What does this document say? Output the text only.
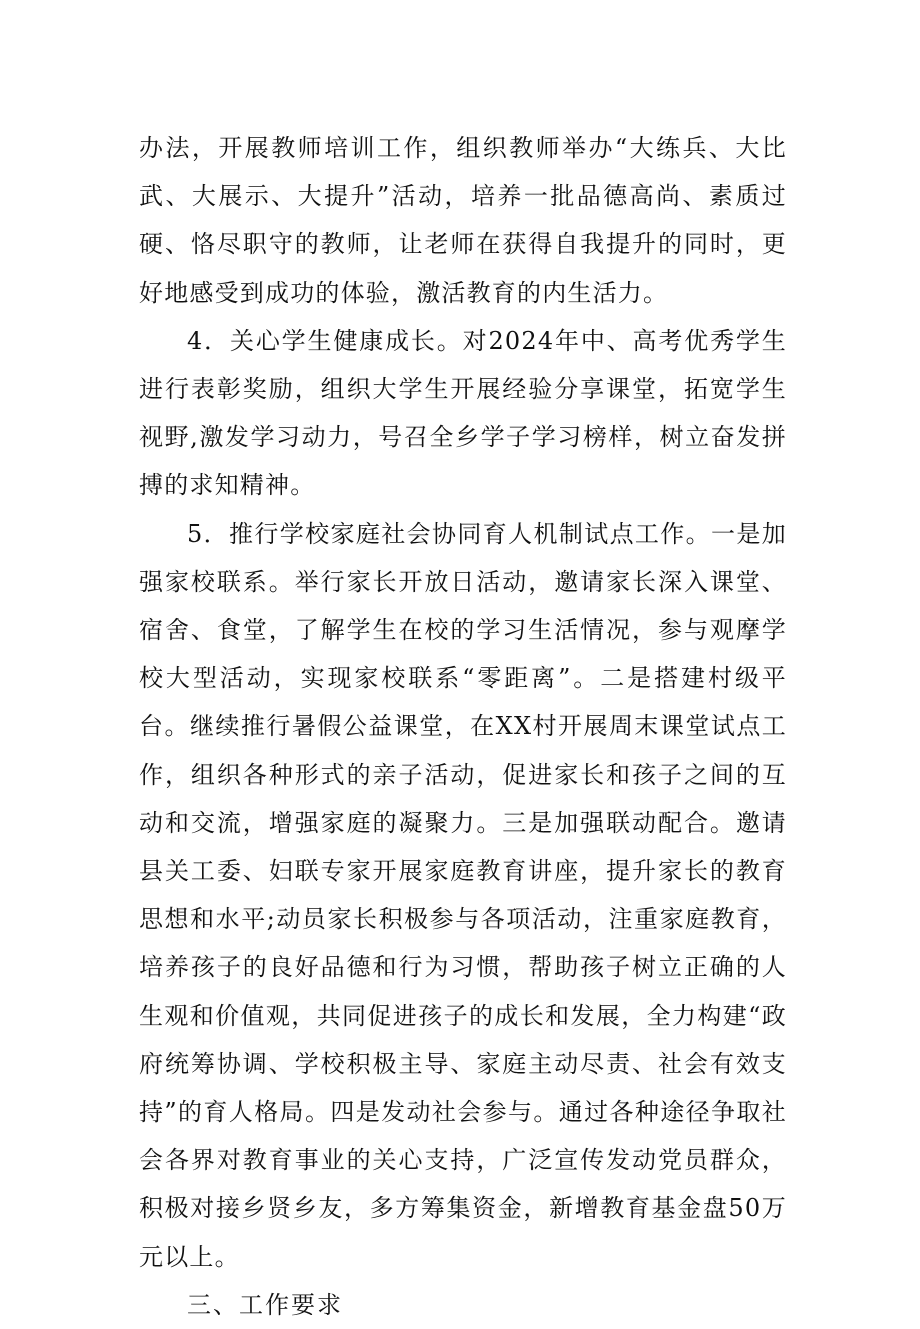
办法，开展教师培训工作，组织教师举办“大练兵、大比武、大展示、大提升”活动，培养一批品德高尚、素质过硬、恪尽职守的教师，让老师在获得自我提升的同时，更好地感受到成功的体验，激活教育的内生活力。

4．关心学生健康成长。对2024年中、高考优秀学生进行表彰奖励，组织大学生开展经验分享课堂，拓宽学生视野,激发学习动力，号召全乡学子学习榜样，树立奋发拼搏的求知精神。

5．推行学校家庭社会协同育人机制试点工作。一是加强家校联系。举行家长开放日活动，邀请家长深入课堂、宿舍、食堂，了解学生在校的学习生活情况，参与观摩学校大型活动，实现家校联系“零距离”。二是搭建村级平台。继续推行暑假公益课堂，在XX村开展周末课堂试点工作，组织各种形式的亲子活动，促进家长和孩子之间的互动和交流，增强家庭的凝聚力。三是加强联动配合。邀请县关工委、妇联专家开展家庭教育讲座，提升家长的教育思想和水平;动员家长积极参与各项活动，注重家庭教育，培养孩子的良好品德和行为习惯，帮助孩子树立正确的人生观和价值观，共同促进孩子的成长和发展，全力构建“政府统筹协调、学校积极主导、家庭主动尽责、社会有效支持”的育人格局。四是发动社会参与。通过各种途径争取社会各界对教育事业的关心支持，广泛宣传发动党员群众，积极对接乡贤乡友，多方筹集资金，新增教育基金盘50万元以上。

三、工作要求
